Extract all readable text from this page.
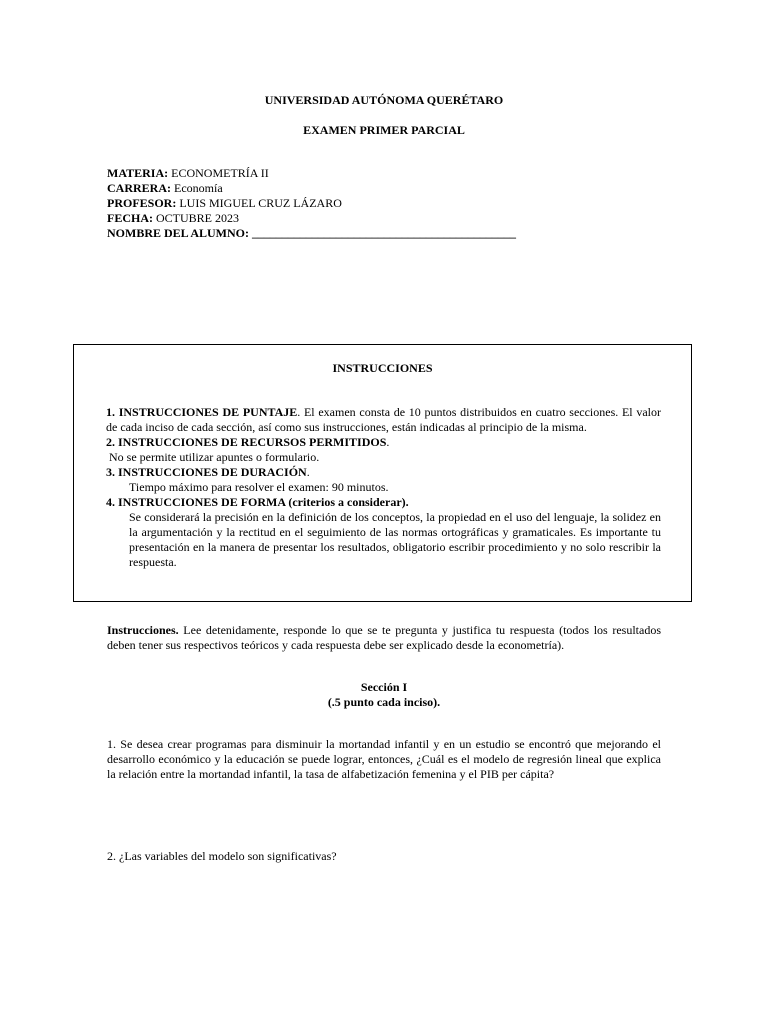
UNIVERSIDAD AUTÓNOMA QUERÉTARO
EXAMEN PRIMER PARCIAL
MATERIA: ECONOMETRÍA II
CARRERA: Economía
PROFESOR: LUIS MIGUEL CRUZ LÁZARO
FECHA: OCTUBRE 2023
NOMBRE DEL ALUMNO: ____________________________________________
INSTRUCCIONES

1. INSTRUCCIONES DE PUNTAJE. El examen consta de 10 puntos distribuidos en cuatro secciones. El valor de cada inciso de cada sección, así como sus instrucciones, están indicadas al principio de la misma.

2. INSTRUCCIONES DE RECURSOS PERMITIDOS.

No se permite utilizar apuntes o formulario.

3. INSTRUCCIONES DE DURACIÓN.

Tiempo máximo para resolver el examen: 90 minutos.

4. INSTRUCCIONES DE FORMA (criterios a considerar).

Se considerará la precisión en la definición de los conceptos, la propiedad en el uso del lenguaje, la solidez en la argumentación y la rectitud en el seguimiento de las normas ortográficas y gramaticales. Es importante tu presentación en la manera de presentar los resultados, obligatorio escribir procedimiento y no solo rescribir la respuesta.

Instrucciones. Lee detenidamente, responde lo que se te pregunta y justifica tu respuesta (todos los resultados deben tener sus respectivos teóricos y cada respuesta debe ser explicado desde la econometría).
Sección I
(.5 punto cada inciso).
1. Se desea crear programas para disminuir la mortandad infantil y en un estudio se encontró que mejorando el desarrollo económico y la educación se puede lograr, entonces, ¿Cuál es el modelo de regresión lineal que explica la relación entre la mortandad infantil, la tasa de alfabetización femenina y el PIB per cápita?
2. ¿Las variables del modelo son significativas?
